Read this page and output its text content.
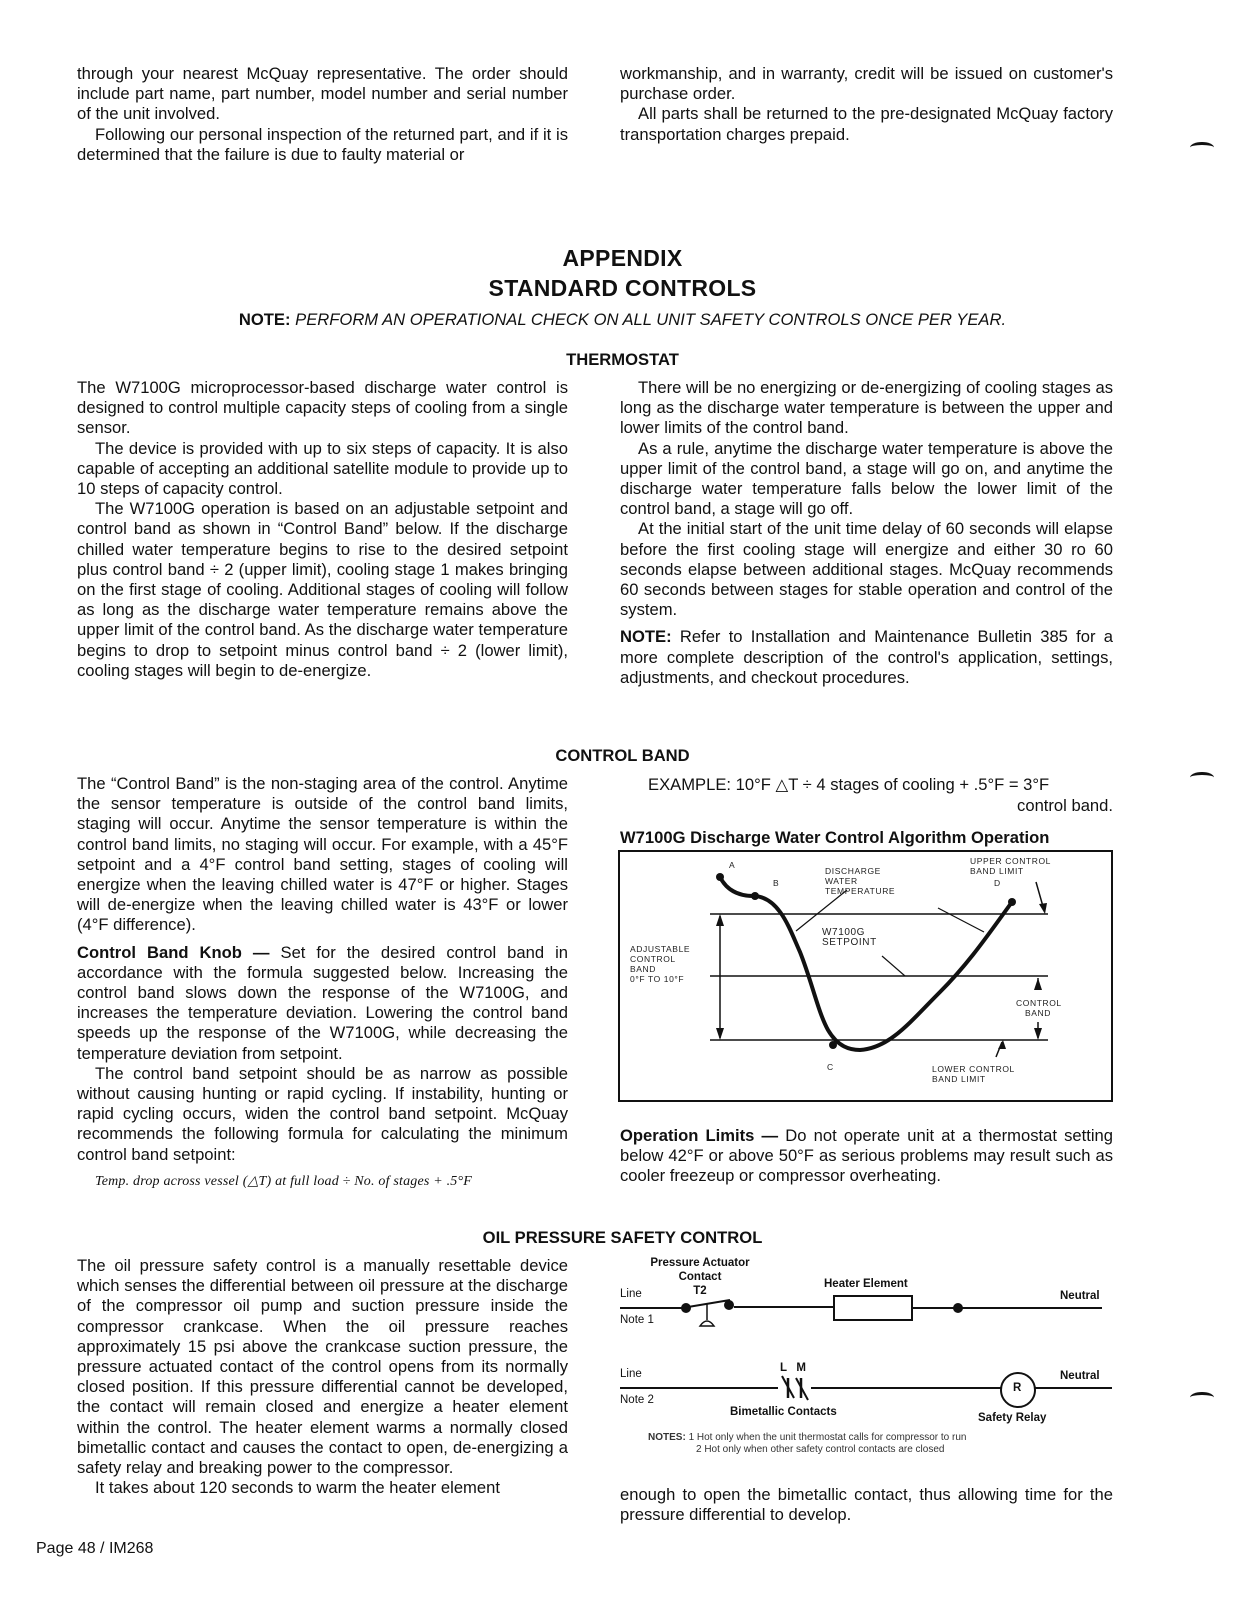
through your nearest McQuay representative. The order should include part name, part number, model number and serial number of the unit involved.

Following our personal inspection of the returned part, and if it is determined that the failure is due to faulty material or

workmanship, and in warranty, credit will be issued on customer's purchase order.

All parts shall be returned to the pre-designated McQuay factory transportation charges prepaid.

APPENDIX
STANDARD CONTROLS
NOTE: PERFORM AN OPERATIONAL CHECK ON ALL UNIT SAFETY CONTROLS ONCE PER YEAR.
THERMOSTAT

The W7100G microprocessor-based discharge water control is designed to control multiple capacity steps of cooling from a single sensor.

The device is provided with up to six steps of capacity. It is also capable of accepting an additional satellite module to provide up to 10 steps of capacity control.

The W7100G operation is based on an adjustable setpoint and control band as shown in “Control Band” below. If the discharge chilled water temperature begins to rise to the desired setpoint plus control band ÷ 2 (upper limit), cooling stage 1 makes bringing on the first stage of cooling. Additional stages of cooling will follow as long as the discharge water temperature remains above the upper limit of the control band. As the discharge water temperature begins to drop to setpoint minus control band ÷ 2 (lower limit), cooling stages will begin to de-energize.

There will be no energizing or de-energizing of cooling stages as long as the discharge water temperature is between the upper and lower limits of the control band.

As a rule, anytime the discharge water temperature is above the upper limit of the control band, a stage will go on, and anytime the discharge water temperature falls below the lower limit of the control band, a stage will go off.

At the initial start of the unit time delay of 60 seconds will elapse before the first cooling stage will energize and either 30 ro 60 seconds elapse between additional stages. McQuay recommends 60 seconds between stages for stable operation and control of the system.

NOTE: Refer to Installation and Maintenance Bulletin 385 for a more complete description of the control's application, settings, adjustments, and checkout procedures.

CONTROL BAND

The “Control Band” is the non-staging area of the control. Anytime the sensor temperature is outside of the control band limits, staging will occur. Anytime the sensor temperature is within the control band limits, no staging will occur. For example, with a 45°F setpoint and a 4°F control band setting, stages of cooling will energize when the leaving chilled water is 47°F or higher. Stages will de-energize when the leaving chilled water is 43°F or lower (4°F difference).

Control Band Knob — Set for the desired control band in accordance with the formula suggested below. Increasing the control band slows down the response of the W7100G, and increases the temperature deviation. Lowering the control band speeds up the response of the W7100G, while decreasing the temperature deviation from setpoint.

The control band setpoint should be as narrow as possible without causing hunting or rapid cycling. If instability, hunting or rapid cycling occurs, widen the control band setpoint. McQuay recommends the following formula for calculating the minimum control band setpoint:

Temp. drop across vessel (△T) at full load ÷ No. of stages + .5°F

EXAMPLE: 10°F △T ÷ 4 stages of cooling + .5°F = 3°F
control band.
W7100G Discharge Water Control Algorithm Operation
A
B
C
D
DISCHARGE
WATER
TEMPERATURE
UPPER CONTROL
BAND LIMIT
W7100G
SETPOINT
ADJUSTABLE
CONTROL
BAND
0°F TO 10°F
CONTROL
BAND
LOWER CONTROL
BAND LIMIT

Operation Limits — Do not operate unit at a thermostat setting below 42°F or above 50°F as serious problems may result such as cooler freezeup or compressor overheating.

OIL PRESSURE SAFETY CONTROL

The oil pressure safety control is a manually resettable device which senses the differential between oil pressure at the discharge of the compressor oil pump and suction pressure inside the compressor crankcase. When the oil pressure reaches approximately 15 psi above the crankcase suction pressure, the pressure actuated contact of the control opens from its normally closed position. If this pressure differential cannot be developed, the contact will remain closed and energize a heater element within the control. The heater element warms a normally closed bimetallic contact and causes the contact to open, de-energizing a safety relay and breaking power to the compressor.

It takes about 120 seconds to warm the heater element

Pressure Actuator
Contact
T2
Heater Element
Line
Note 1
Neutral
Line
Note 2
L   M
Bimetallic Contacts
R
Safety Relay
Neutral
NOTES: 1 Hot only when the unit thermostat calls for compressor to run
2 Hot only when other safety control contacts are closed

enough to open the bimetallic contact, thus allowing time for the pressure differential to develop.

Page 48 / IM268
